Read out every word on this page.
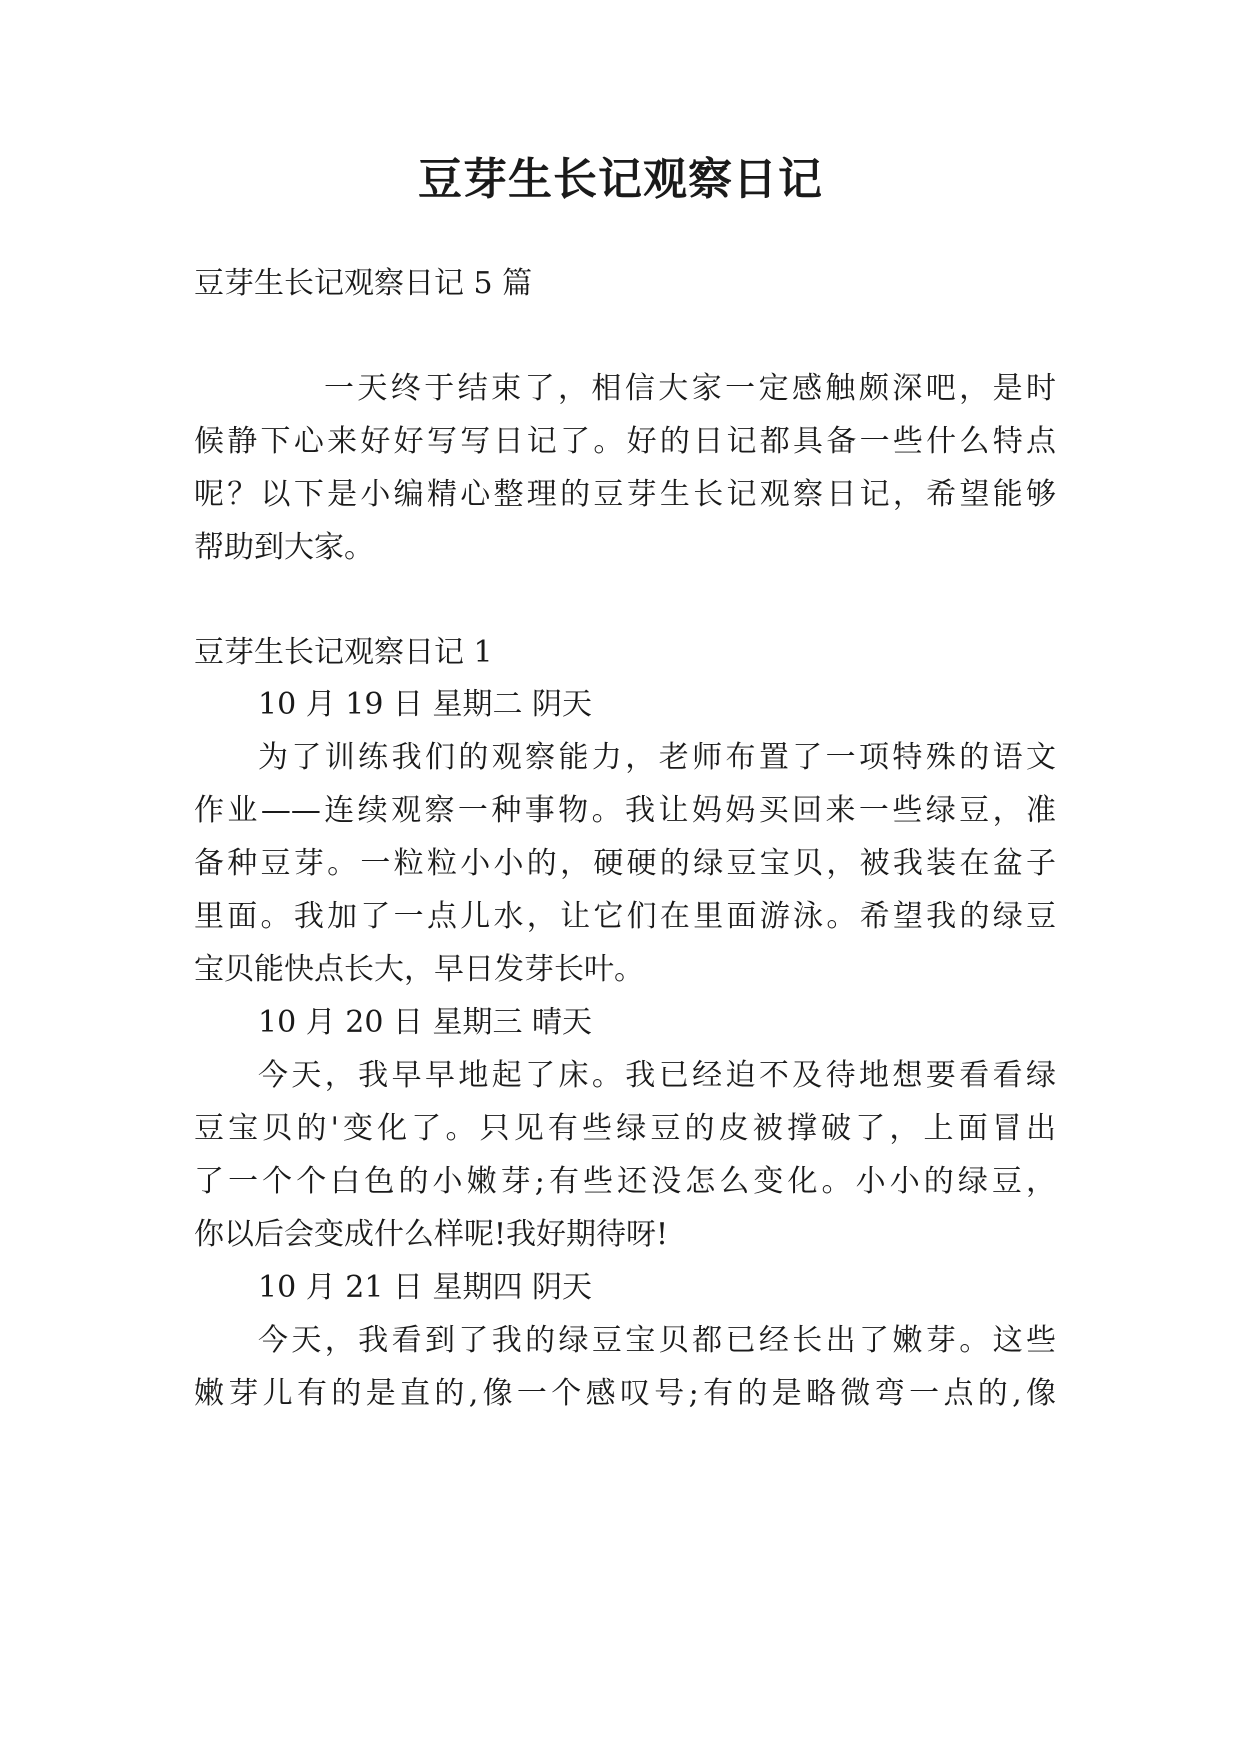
豆芽生长记观察日记

豆芽生长记观察日记 5 篇

一天终于结束了，相信大家一定感触颇深吧，是时

候静下心来好好写写日记了。好的日记都具备一些什么特点

呢？以下是小编精心整理的豆芽生长记观察日记，希望能够

帮助到大家。

豆芽生长记观察日记 1

10 月 19 日 星期二 阴天

为了训练我们的观察能力，老师布置了一项特殊的语文

作业——连续观察一种事物。我让妈妈买回来一些绿豆，准

备种豆芽。一粒粒小小的，硬硬的绿豆宝贝，被我装在盆子

里面。我加了一点儿水，让它们在里面游泳。希望我的绿豆

宝贝能快点长大，早日发芽长叶。

10 月 20 日 星期三 晴天

今天，我早早地起了床。我已经迫不及待地想要看看绿

豆宝贝的'变化了。只见有些绿豆的皮被撑破了，上面冒出

了一个个白色的小嫩芽;有些还没怎么变化。小小的绿豆，

你以后会变成什么样呢!我好期待呀!

10 月 21 日 星期四 阴天

今天，我看到了我的绿豆宝贝都已经长出了嫩芽。这些

嫩芽儿有的是直的,像一个感叹号;有的是略微弯一点的,像
